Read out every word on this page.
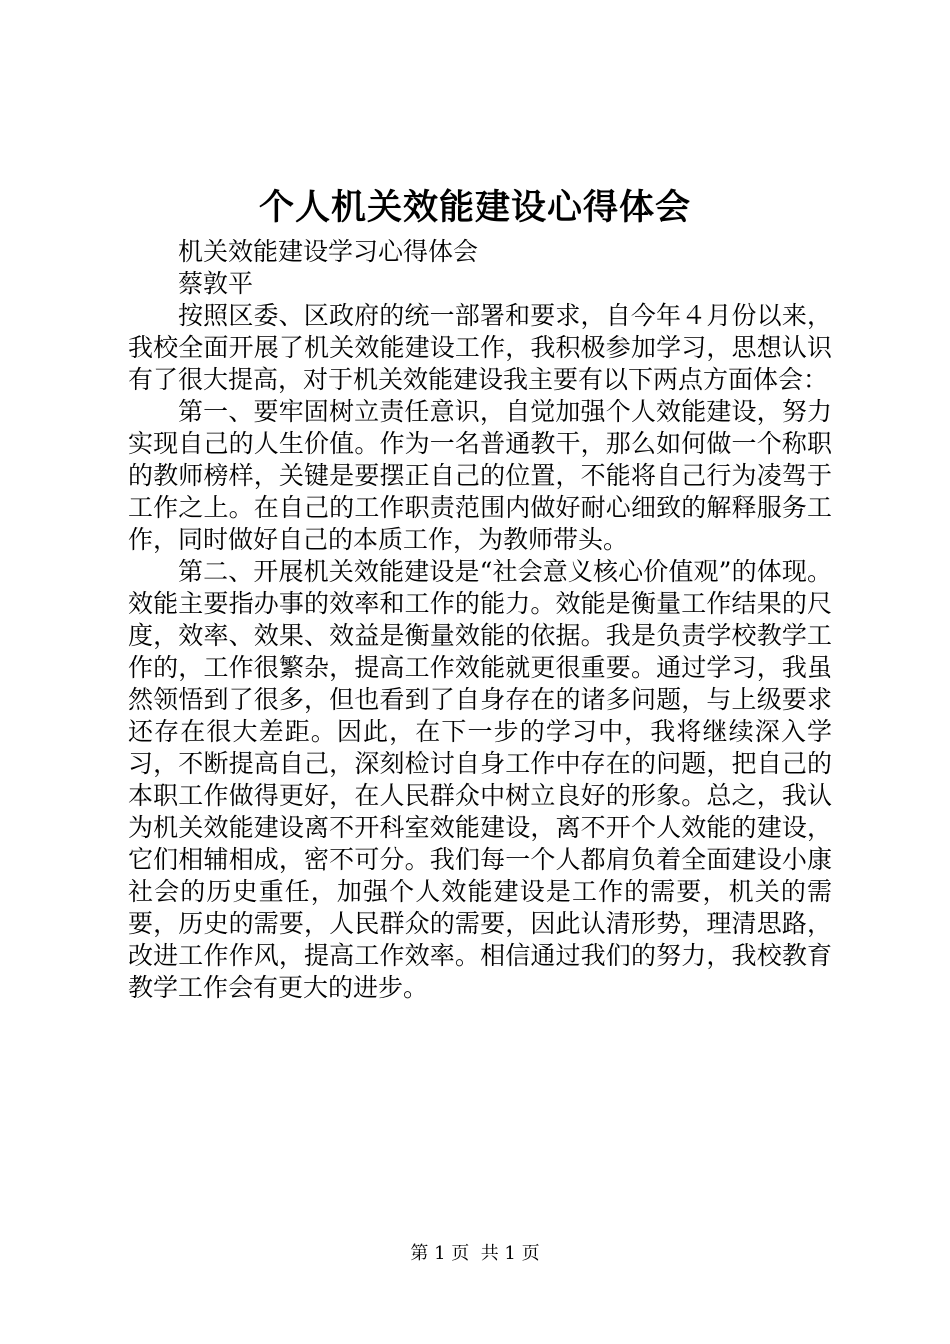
个人机关效能建设心得体会

机关效能建设学习心得体会

蔡敦平

按照区委、区政府的统一部署和要求，自今年４月份以来，我校全面开展了机关效能建设工作，我积极参加学习，思想认识有了很大提高，对于机关效能建设我主要有以下两点方面体会：

第一、要牢固树立责任意识，自觉加强个人效能建设，努力实现自己的人生价值。作为一名普通教干，那么如何做一个称职的教师榜样，关键是要摆正自己的位置，不能将自己行为凌驾于工作之上。在自己的工作职责范围内做好耐心细致的解释服务工作，同时做好自己的本质工作，为教师带头。

第二、开展机关效能建设是“社会意义核心价值观”的体现。效能主要指办事的效率和工作的能力。效能是衡量工作结果的尺度，效率、效果、效益是衡量效能的依据。我是负责学校教学工作的，工作很繁杂，提高工作效能就更很重要。通过学习，我虽然领悟到了很多，但也看到了自身存在的诸多问题，与上级要求还存在很大差距。因此，在下一步的学习中，我将继续深入学习，不断提高自己，深刻检讨自身工作中存在的问题，把自己的本职工作做得更好，在人民群众中树立良好的形象。总之，我认为机关效能建设离不开科室效能建设，离不开个人效能的建设，它们相辅相成，密不可分。我们每一个人都肩负着全面建设小康社会的历史重任，加强个人效能建设是工作的需要，机关的需要，历史的需要，人民群众的需要，因此认清形势，理清思路，改进工作作风，提高工作效率。相信通过我们的努力，我校教育教学工作会有更大的进步。

第 1 页  共 1 页
